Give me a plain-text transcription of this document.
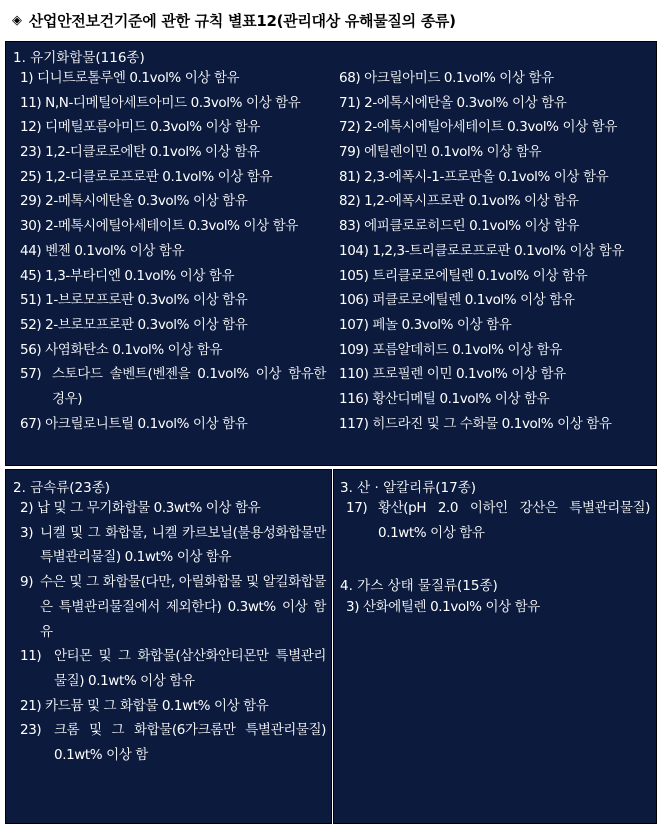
◈ 산업안전보건기준에 관한 규칙 별표12(관리대상 유해물질의 종류)
1. 유기화합물(116종)
1) 디니트로톨루엔 0.1vol% 이상 함유
11) N,N-디메틸아세트아미드 0.3vol% 이상 함유
12) 디메틸포름아미드 0.3vol% 이상 함유
23) 1,2-디클로로에탄 0.1vol% 이상 함유
25) 1,2-디클로로프로판 0.1vol% 이상 함유
29) 2-메톡시에탄올 0.3vol% 이상 함유
30) 2-메톡시에틸아세테이트 0.3vol% 이상 함유
44) 벤젠 0.1vol% 이상 함유
45) 1,3-부타디엔 0.1vol% 이상 함유
51) 1-브로모프로판 0.3vol% 이상 함유
52) 2-브로모프로판 0.3vol% 이상 함유
56) 사염화탄소 0.1vol% 이상 함유
57) 스토다드 솔벤트(벤젠을 0.1vol% 이상 함유한 경우)
67) 아크릴로니트릴 0.1vol% 이상 함유
68) 아크릴아미드 0.1vol% 이상 함유
71) 2-에톡시에탄올 0.3vol% 이상 함유
72) 2-에톡시에틸아세테이트 0.3vol% 이상 함유
79) 에틸렌이민 0.1vol% 이상 함유
81) 2,3-에폭시-1-프로판올 0.1vol% 이상 함유
82) 1,2-에폭시프로판 0.1vol% 이상 함유
83) 에피클로로히드린 0.1vol% 이상 함유
104) 1,2,3-트리클로로프로판 0.1vol% 이상 함유
105) 트리클로로에틸렌 0.1vol% 이상 함유
106) 퍼클로로에틸렌 0.1vol% 이상 함유
107) 페놀 0.3vol% 이상 함유
109) 포름알데히드 0.1vol% 이상 함유
110) 프로필렌 이민 0.1vol% 이상 함유
116) 황산디메틸 0.1vol% 이상 함유
117) 히드라진 및 그 수화물 0.1vol% 이상 함유
2. 금속류(23종)
2) 납 및 그 무기화합물 0.3wt% 이상 함유
3) 니켈 및 그 화합물, 니켈 카르보닐(불용성화합물만 특별관리물질) 0.1wt% 이상 함유
9) 수은 및 그 화합물(다만, 아릴화합물 및 알킬화합물은 특별관리물질에서 제외한다) 0.3wt% 이상 함유
11) 안티몬 및 그 화합물(삼산화안티몬만 특별관리물질) 0.1wt% 이상 함유
21) 카드뮴 및 그 화합물 0.1wt% 이상 함유
23) 크롬 및 그 화합물(6가크롬만 특별관리물질) 0.1wt% 이상 함
3. 산 · 알칼리류(17종)
17) 황산(pH 2.0 이하인 강산은 특별관리물질) 0.1wt% 이상 함유
4. 가스 상태 물질류(15종)
3) 산화에틸렌 0.1vol% 이상 함유
